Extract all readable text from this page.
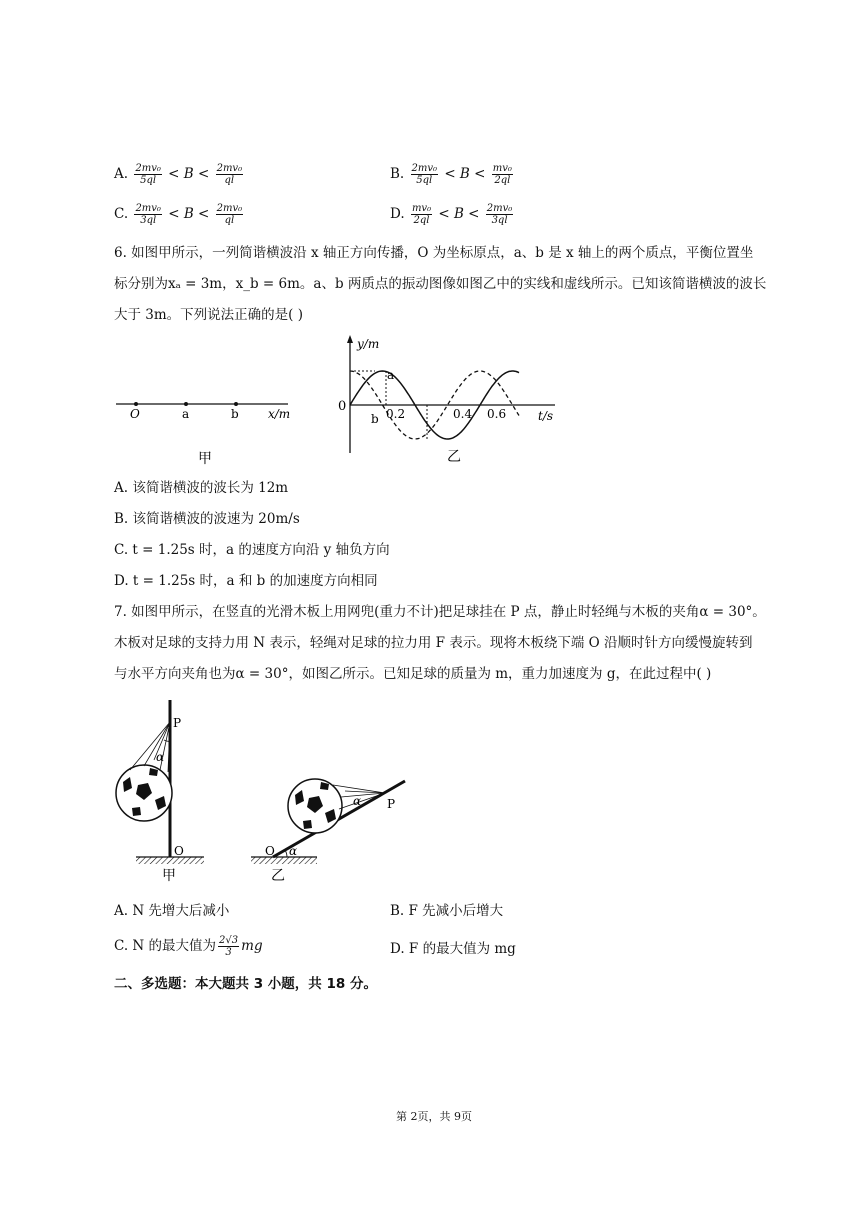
A. $\frac{\text{2mv₀}}{5ql} < B < \frac{\text{2mv₀}}{ql}$	B. $\frac{\text{2mv₀}}{5ql} < B < \frac{\text{mv₀}}{2ql}$
C. $\frac{\text{2mv₀}}{3ql} < B < \frac{\text{2mv₀}}{ql}$	D. $\frac{\text{mv₀}}{2ql} < B < \frac{\text{2mv₀}}{3ql}$
6. 如图甲所示，一列简谐横波沿 x 轴正方向传播，O 为坐标原点，a、b 是 x 轴上的两个质点，平衡位置坐
标分别为xₐ = 3m，x_b = 6m。a、b 两质点的振动图像如图乙中的实线和虚线所示。已知该简谐横波的波长
大于 3m。下列说法正确的是( )
O	a	b x/m
甲
y/m
t/s
0
a
b 0.2	0.4 0.6
乙
A. 该简谐横波的波长为 12m
B. 该简谐横波的波速为 20m/s
C. t = 1.25s 时，a 的速度方向沿 y 轴负方向
D. t = 1.25s 时，a 和 b 的加速度方向相同
7. 如图甲所示，在竖直的光滑木板上用网兜(重力不计)把足球挂在 P 点，静止时轻绳与木板的夹角α = 30°。
木板对足球的支持力用 N 表示，轻绳对足球的拉力用 F 表示。现将木板绕下端 O 沿顺时针方向缓慢旋转到
与水平方向夹角也为α = 30°，如图乙所示。已知足球的质量为 m，重力加速度为 g，在此过程中( )
P
α
O
甲
P
α
α
O
乙
A. N 先增大后减小	B. F 先减小后增大
C. N 的最大值为 $\frac{2√3}{3}$ mg	D. F 的最大值为 mg
二、多选题：本大题共 3 小题，共 18 分。
第 2页，共 9页
